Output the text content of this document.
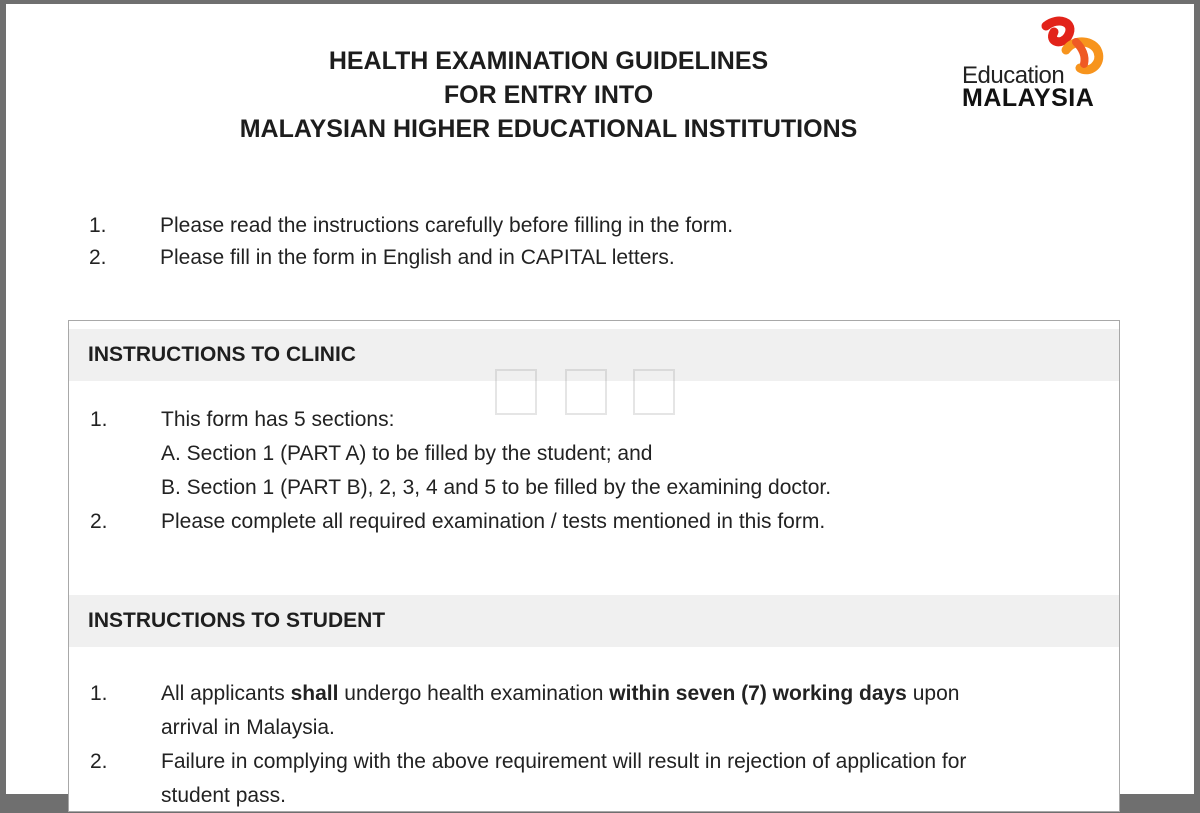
HEALTH EXAMINATION GUIDELINES
FOR ENTRY INTO
MALAYSIAN HIGHER EDUCATIONAL INSTITUTIONS
Education
MALAYSIA
1.	Please read the instructions carefully before filling in the form.
2.	Please fill in the form in English and in CAPITAL letters.
INSTRUCTIONS TO CLINIC
1.	This form has 5 sections:
A. Section 1 (PART A) to be filled by the student; and
B. Section 1 (PART B), 2, 3, 4 and 5 to be filled by the examining doctor.
2.	Please complete all required examination / tests mentioned in this form.
INSTRUCTIONS TO STUDENT
1.	All applicants shall undergo health examination within seven (7) working days upon
arrival in Malaysia.
2.	Failure in complying with the above requirement will result in rejection of application for
student pass.
